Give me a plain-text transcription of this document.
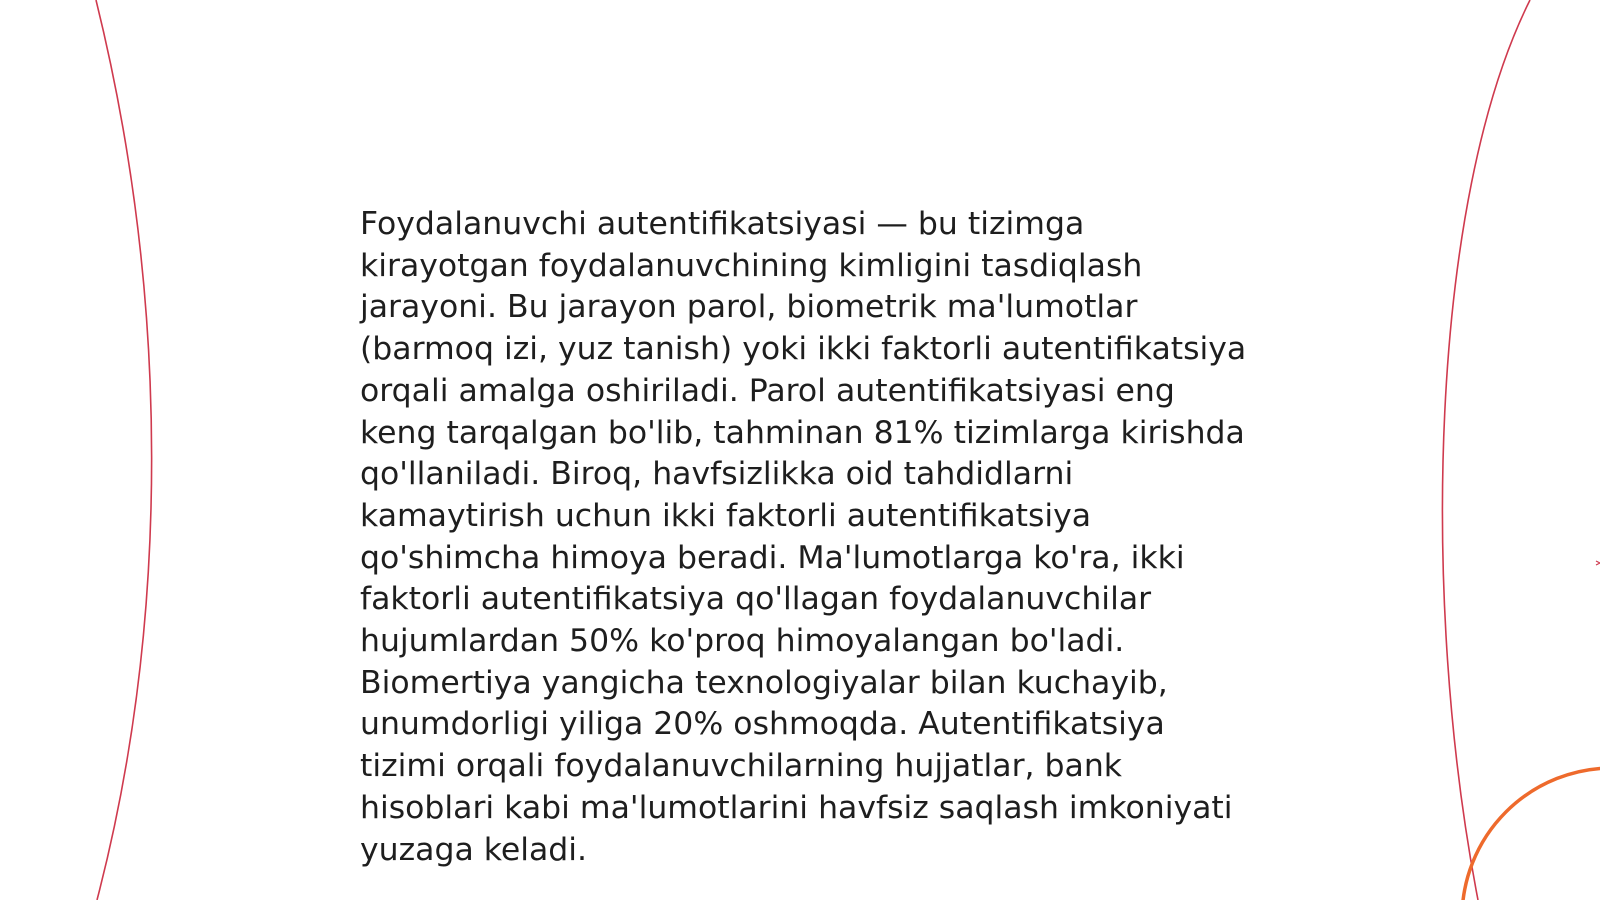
Foydalanuvchi autentifikatsiyasi — bu tizimga kirayotgan foydalanuvchining kimligini tasdiqlash jarayoni. Bu jarayon parol, biometrik ma'lumotlar (barmoq izi, yuz tanish) yoki ikki faktorli autentifikatsiya orqali amalga oshiriladi. Parol autentifikatsiyasi eng keng tarqalgan bo'lib, tahminan 81% tizimlarga kirishda qo'llaniladi. Biroq, havfsizlikka oid tahdidlarni kamaytirish uchun ikki faktorli autentifikatsiya qo'shimcha himoya beradi. Ma'lumotlarga ko'ra, ikki faktorli autentifikatsiya qo'llagan foydalanuvchilar hujumlardan 50% ko'proq himoyalangan bo'ladi. Biomertiya yangicha texnologiyalar bilan kuchayib, unumdorligi yiliga 20% oshmoqda. Autentifikatsiya tizimi orqali foydalanuvchilarning hujjatlar, bank hisoblari kabi ma'lumotlarini havfsiz saqlash imkoniyati yuzaga keladi.
